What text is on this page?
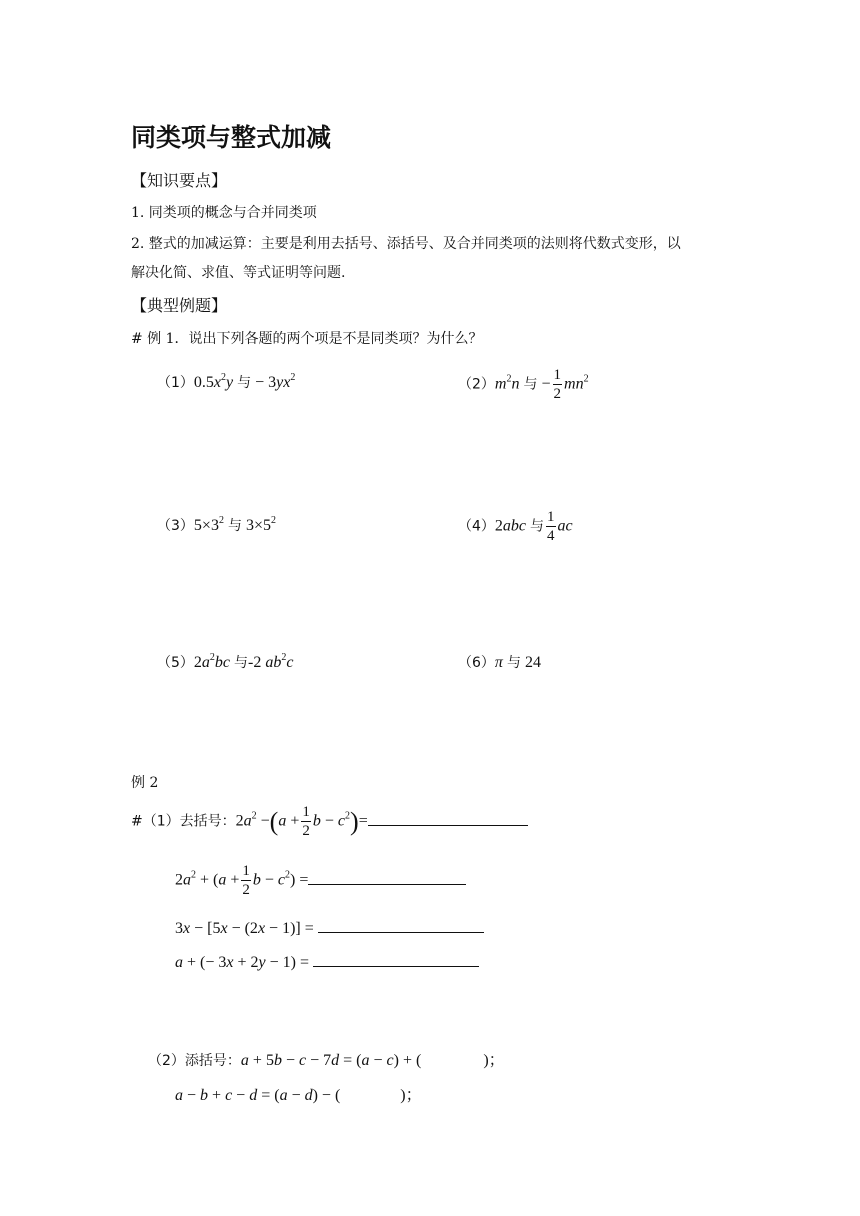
同类项与整式加减
【知识要点】
1. 同类项的概念与合并同类项
2. 整式的加减运算：主要是利用去括号、添括号、及合并同类项的法则将代数式变形，以
解决化简、求值、等式证明等问题.
【典型例题】
# 例 1．说出下列各题的两个项是不是同类项？为什么？
$(1)0.5x^2y$ 与 − $3yx^2$	$(2)m^2n$ 与 − $\frac{1}{2} mn^2$
$(3)5\times 3^2$ 与 $3\times 5^2$	（4）2abc 与 $\frac{1}{4}$ ac
$(5)2a^2bc$ 与-2 $ab^2c$	（6）π 与 24
例 2
#（1）去括号：$2a^2 -(a + \frac{1}{2}$ $b - c^2)=$
$2a^2 + (a + \frac{1}{2}$ $b - c^2$) =
3x − [5x − (2x − 1)] =
a + (− 3x + 2y − 1) =
（2）添括号：a + 5b − c − 7d = (a − c) + (	)；
a − b + c − d = (a − d) − (	)；
